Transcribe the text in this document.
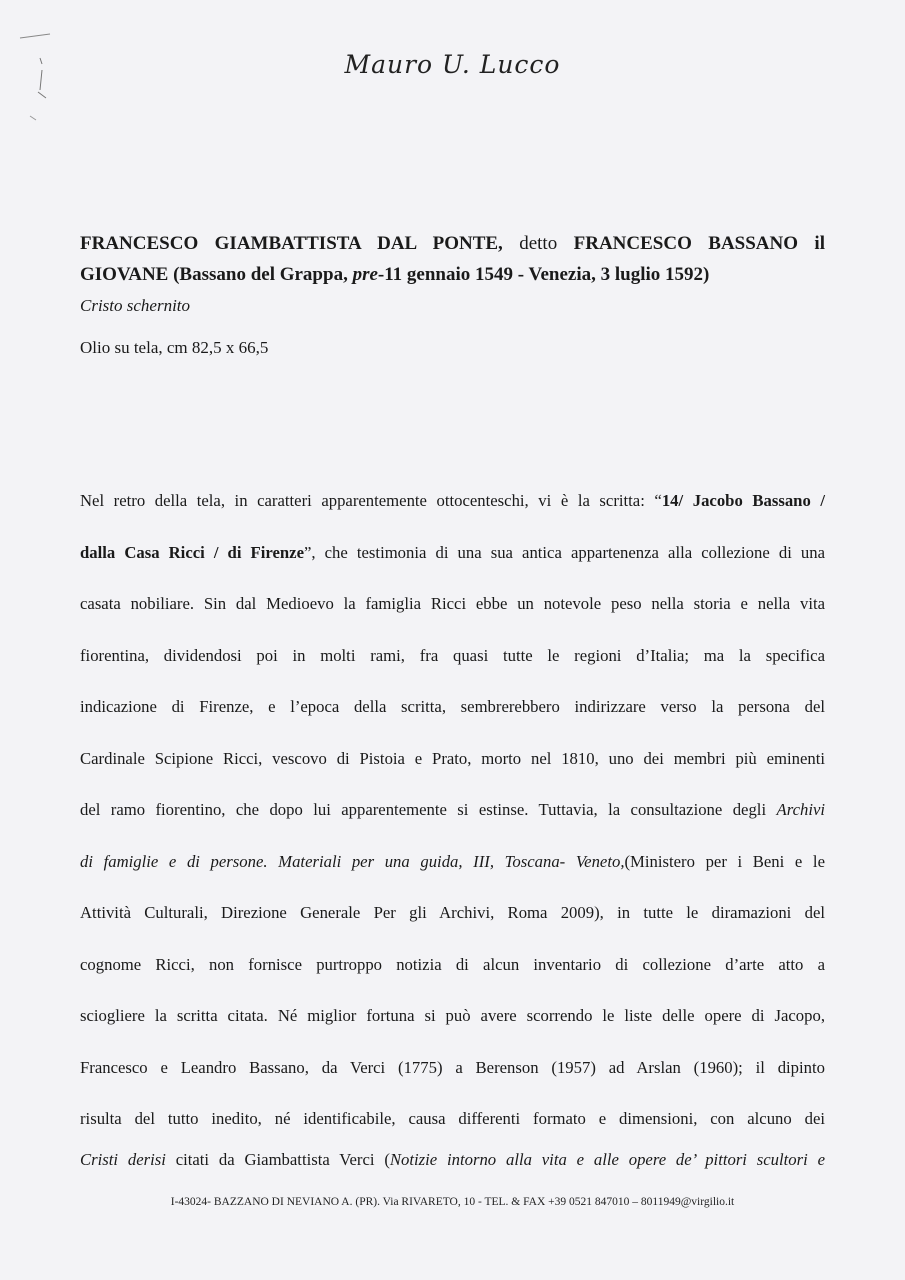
Mauro U. Lucco
FRANCESCO GIAMBATTISTA DAL PONTE, detto FRANCESCO BASSANO il
GIOVANE (Bassano del Grappa, pre-11 gennaio 1549 - Venezia, 3 luglio 1592)
Cristo schernito
Olio su tela, cm 82,5 x 66,5
Nel retro della tela, in caratteri apparentemente ottocenteschi, vi è la scritta: “14/ Jacobo Bassano /
dalla Casa Ricci / di Firenze”, che testimonia di una sua antica appartenenza alla collezione di una
casata nobiliare. Sin dal Medioevo la famiglia Ricci ebbe un notevole peso nella storia e nella vita
fiorentina, dividendosi poi in molti rami, fra quasi tutte le regioni d’Italia; ma la specifica
indicazione di Firenze, e l’epoca della scritta, sembrerebbero indirizzare verso la persona del
Cardinale Scipione Ricci, vescovo di Pistoia e Prato, morto nel 1810, uno dei membri più eminenti
del ramo fiorentino, che dopo lui apparentemente si estinse. Tuttavia, la consultazione degli Archivi
di famiglie e di persone. Materiali per una guida, III, Toscana- Veneto,(Ministero per i Beni e le
Attività Culturali, Direzione Generale Per gli Archivi, Roma 2009), in tutte le diramazioni del
cognome Ricci, non fornisce purtroppo notizia di alcun inventario di collezione d’arte atto a
sciogliere la scritta citata. Né miglior fortuna si può avere scorrendo le liste delle opere di Jacopo,
Francesco e Leandro Bassano, da Verci (1775) a Berenson (1957) ad Arslan (1960); il dipinto
risulta del tutto inedito, né identificabile, causa differenti formato e dimensioni, con alcuno dei
Cristi derisi citati da Giambattista Verci (Notizie intorno alla vita e alle opere de’ pittori scultori e
I-43024- BAZZANO DI NEVIANO A. (PR). Via RIVARETO, 10 - TEL. & FAX +39 0521 847010 – 8011949@virgilio.it
